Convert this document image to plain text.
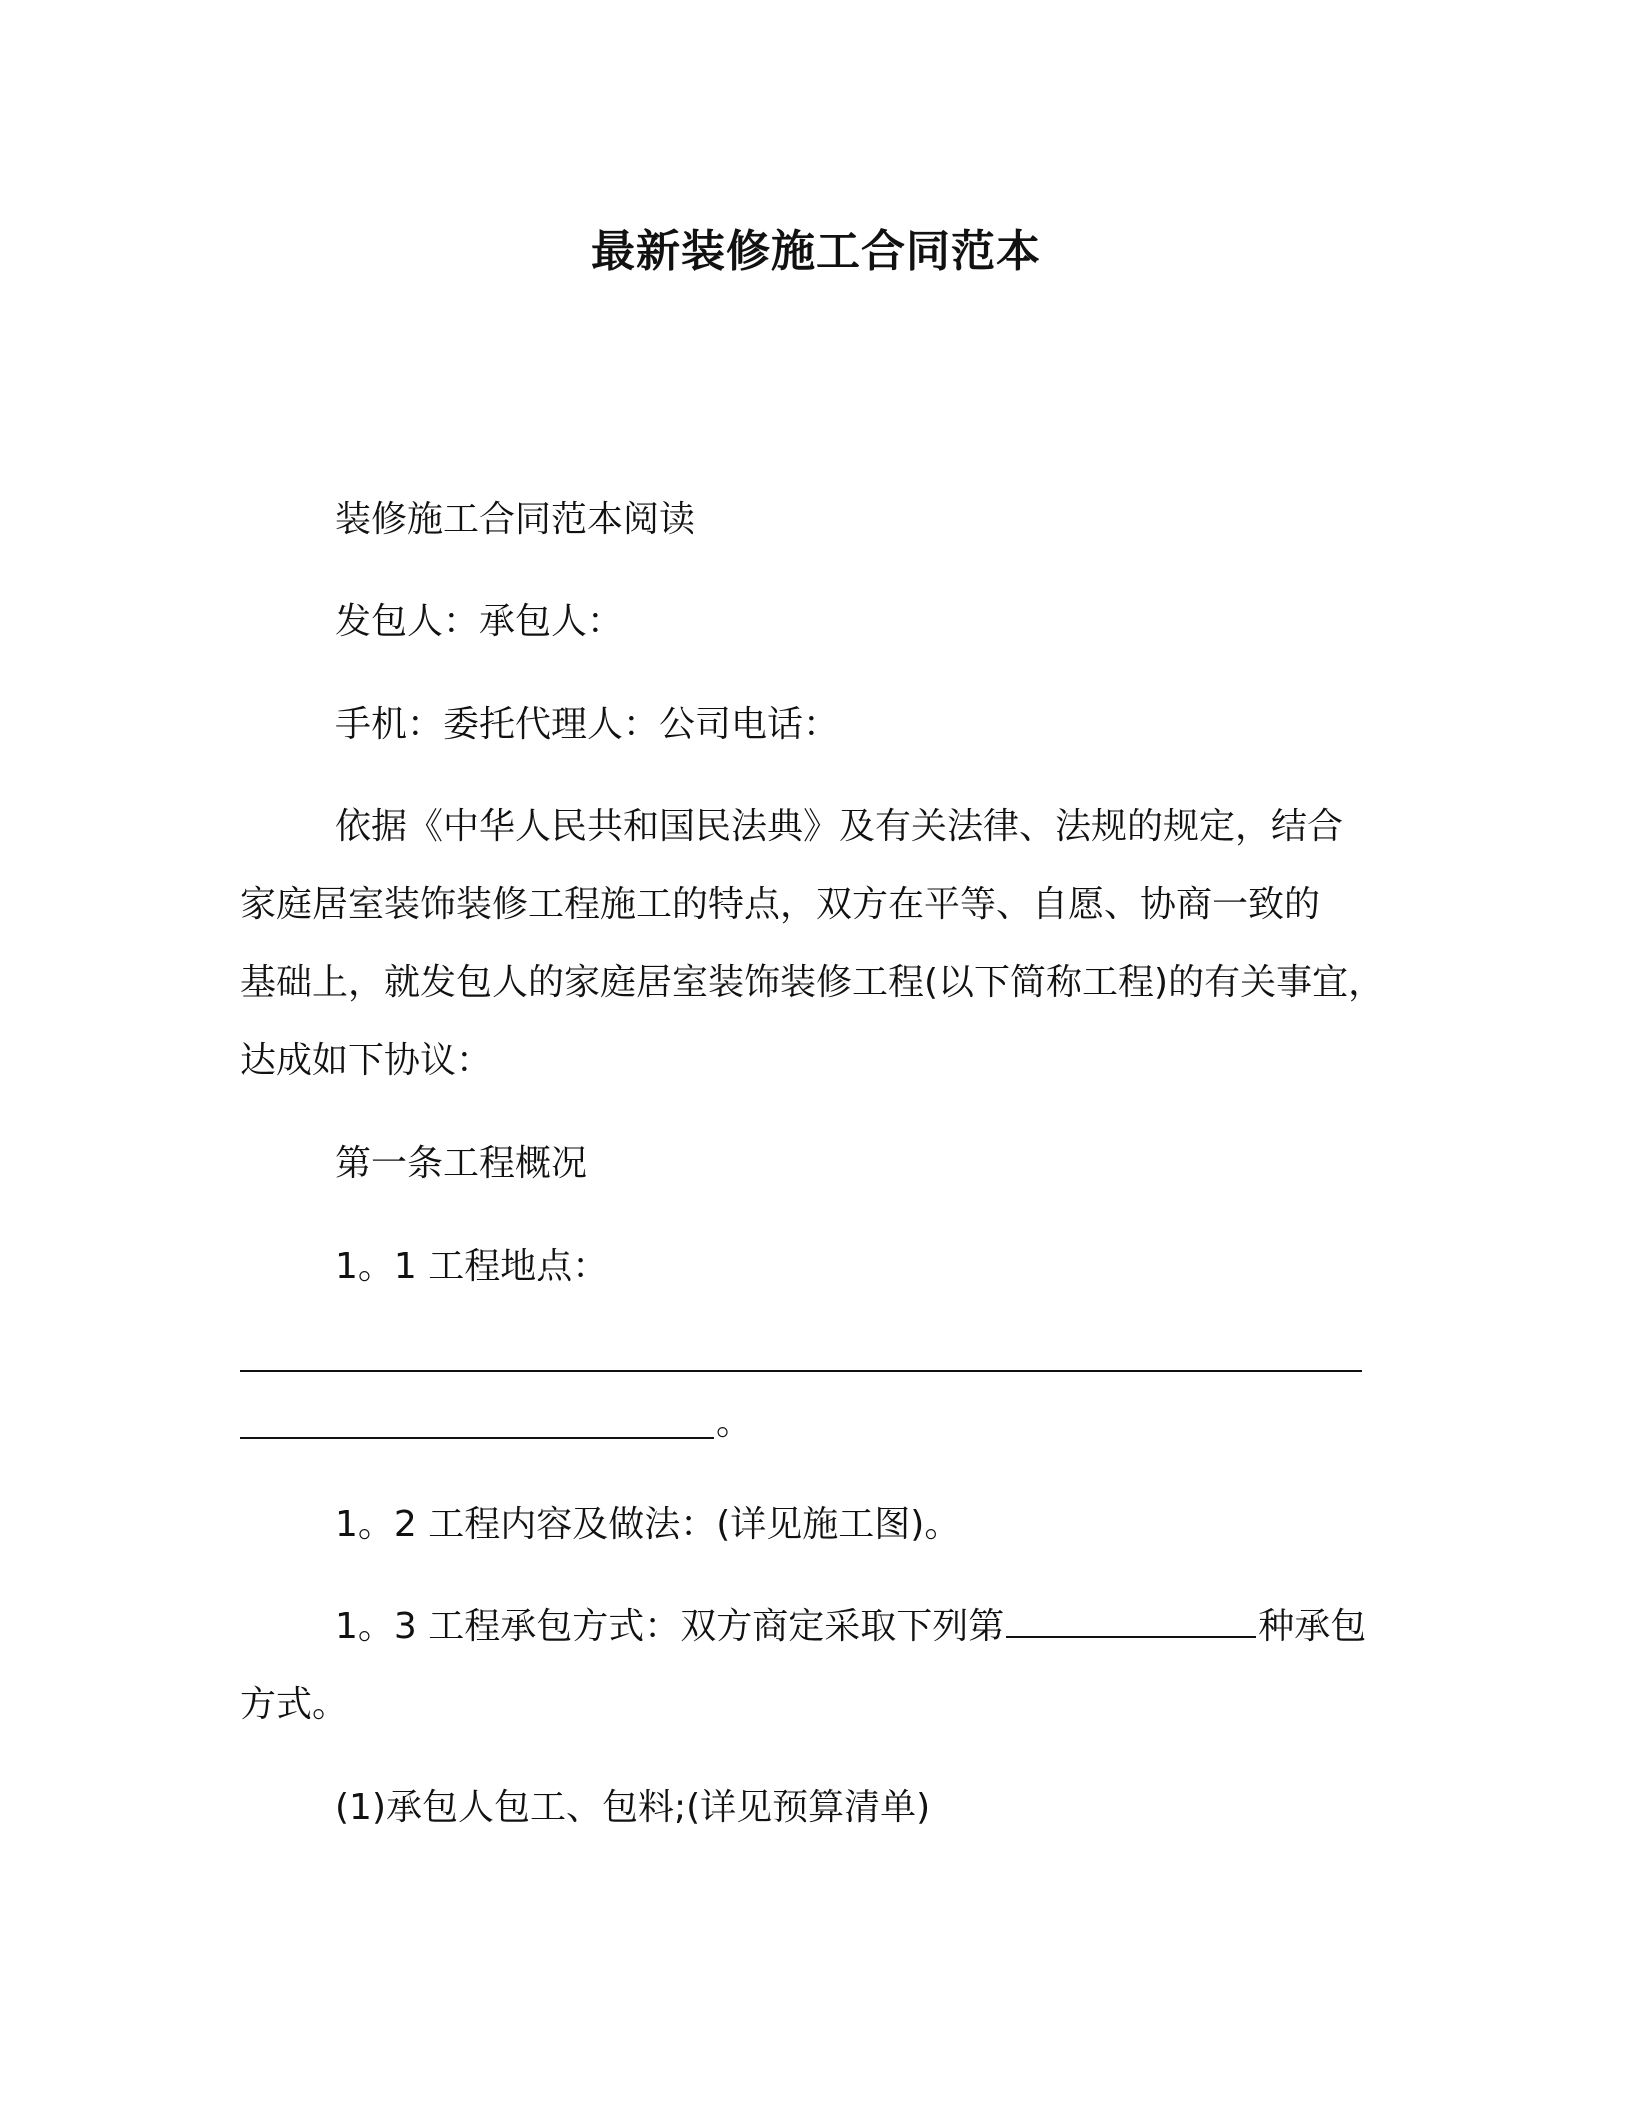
最新装修施工合同范本
装修施工合同范本阅读
发包人：承包人：
手机：委托代理人：公司电话：
依据《中华人民共和国民法典》及有关法律、法规的规定，结合
家庭居室装饰装修工程施工的特点，双方在平等、自愿、协商一致的
基础上，就发包人的家庭居室装饰装修工程(以下简称工程)的有关事宜，
达成如下协议：
第一条工程概况
1。1 工程地点：
。
1。2 工程内容及做法：(详见施工图)。
1。3 工程承包方式：双方商定采取下列第	种承包
方式。
(1)承包人包工、包料;(详见预算清单)
